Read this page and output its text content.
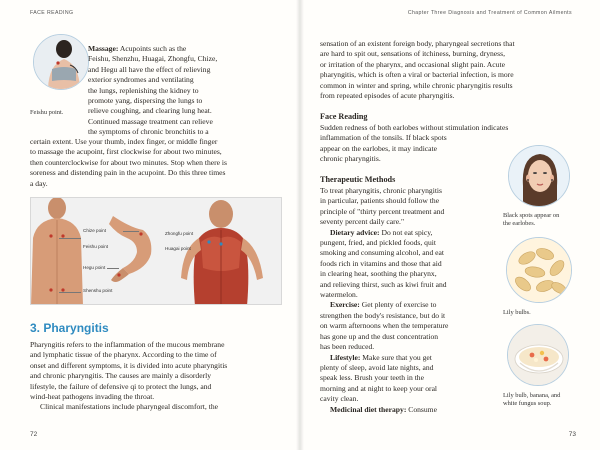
FACE READING
Feishu point.
Massage: Acupoints such as the
Feishu, Shenzhu, Huagai, Zhongfu, Chize,
and Hegu all have the effect of relieving
exterior syndromes and ventilating
the lungs, replenishing the kidney to
promote yang, dispersing the lungs to
relieve coughing, and clearing lung heat.
Continued massage treatment can relieve
the symptoms of chronic bronchitis to a
certain extent. Use your thumb, index finger, or middle finger
to massage the acupoint, first clockwise for about two minutes,
then counterclockwise for about two minutes. Stop when there is
soreness and distending pain in the acupoint. Do this three times
a day.
Chize point
Feishu point
Hegu point
Shenshu point
Zhongfu point
Huagai point
3. Pharyngitis
Pharyngitis refers to the inflammation of the mucous membrane
and lymphatic tissue of the pharynx. According to the time of
onset and different symptoms, it is divided into acute pharyngitis
and chronic pharyngitis. The causes are mainly a disorderly
lifestyle, the failure of defensive qi to protect the lungs, and
wind-heat pathogens invading the throat.
Clinical manifestations include pharyngeal discomfort, the
72
Chapter Three Diagnosis and Treatment of Common Ailments
sensation of an existent foreign body, pharyngeal secretions that
are hard to spit out, sensations of itchiness, burning, dryness,
or irritation of the pharynx, and occasional slight pain. Acute
pharyngitis, which is often a viral or bacterial infection, is more
common in winter and spring, while chronic pharyngitis results
from repeated episodes of acute pharyngitis.
Face Reading
Sudden redness of both earlobes without stimulation indicates
inflammation of the tonsils. If black spots
appear on the earlobes, it may indicate
chronic pharyngitis.
Therapeutic Methods
To treat pharyngitis, chronic pharyngitis
in particular, patients should follow the
principle of "thirty percent treatment and
seventy percent daily care."
Dietary advice: Do not eat spicy,
pungent, fried, and pickled foods, quit
smoking and consuming alcohol, and eat
foods rich in vitamins and those that aid
in clearing heat, soothing the pharynx,
and relieving thirst, such as kiwi fruit and
watermelon.
Exercise: Get plenty of exercise to
strengthen the body's resistance, but do it
on warm afternoons when the temperature
has gone up and the dust concentration
has been reduced.
Lifestyle: Make sure that you get
plenty of sleep, avoid late nights, and
speak less. Brush your teeth in the
morning and at night to keep your oral
cavity clean.
Medicinal diet therapy: Consume
Black spots appear on
the earlobes.
Lily bulbs.
Lily bulb, banana, and
white fungus soup.
73
